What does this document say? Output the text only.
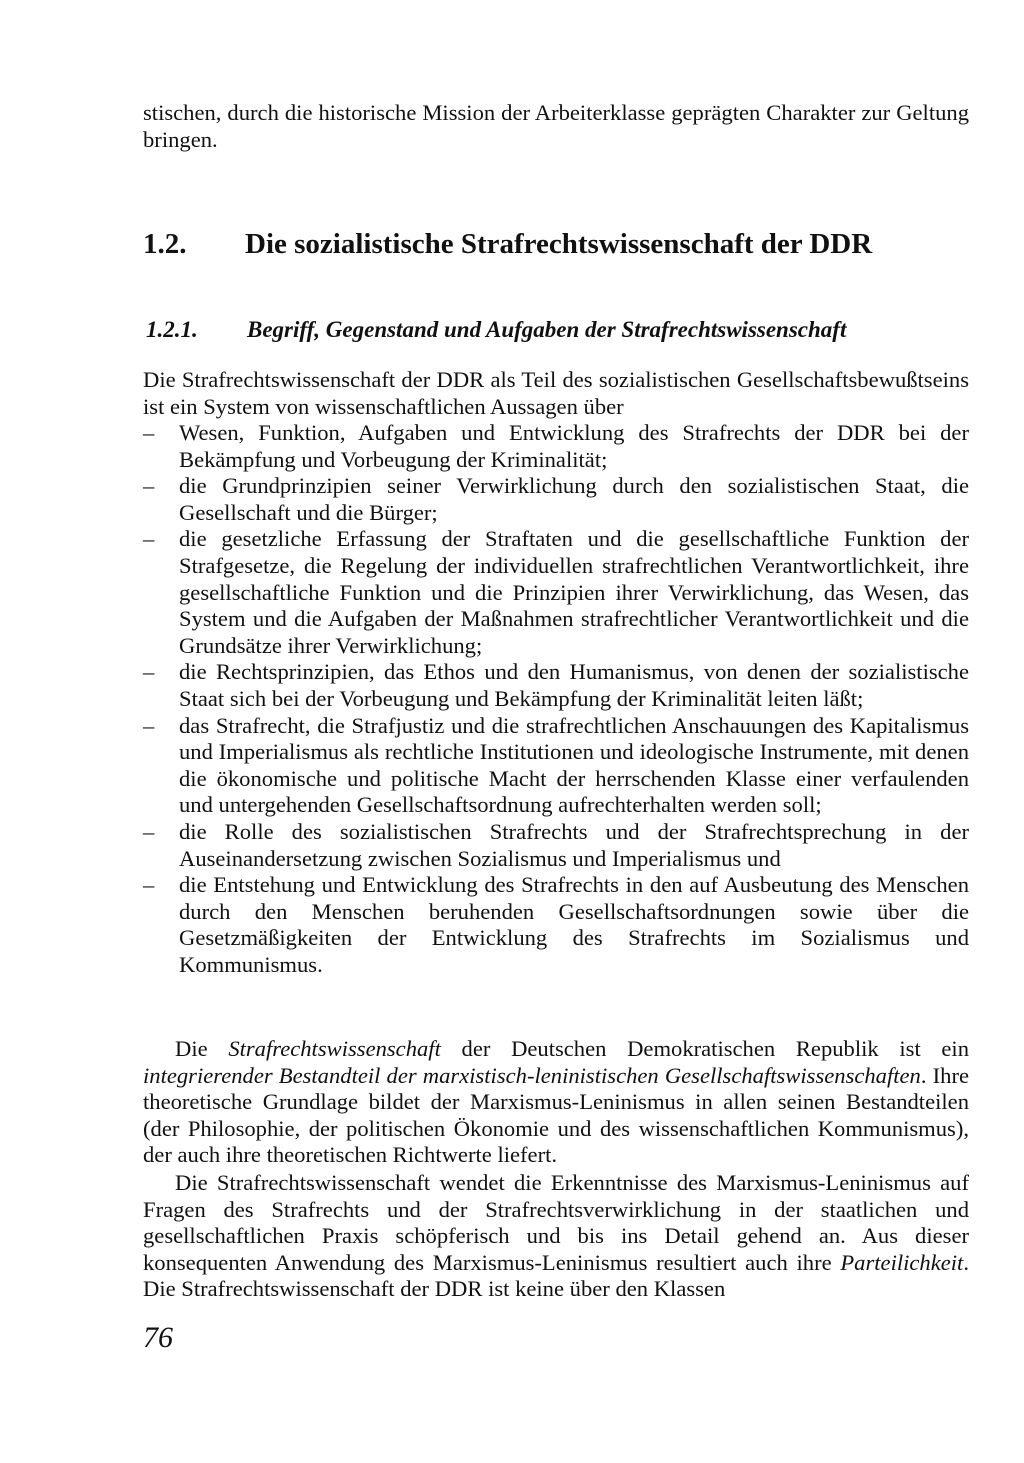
stischen, durch die historische Mission der Arbeiterklasse geprägten Charakter zur Geltung bringen.

1.2. Die sozialistische Strafrechtswissenschaft der DDR
1.2.1. Begriff, Gegenstand und Aufgaben der Strafrechtswissenschaft

Die Strafrechtswissenschaft der DDR als Teil des sozialistischen Gesellschaftsbewußtseins ist ein System von wissenschaftlichen Aussagen über

– Wesen, Funktion, Aufgaben und Entwicklung des Strafrechts der DDR bei der Bekämpfung und Vorbeugung der Kriminalität;
– die Grundprinzipien seiner Verwirklichung durch den sozialistischen Staat, die Gesellschaft und die Bürger;
– die gesetzliche Erfassung der Straftaten und die gesellschaftliche Funktion der Strafgesetze, die Regelung der individuellen strafrechtlichen Verantwortlichkeit, ihre gesellschaftliche Funktion und die Prinzipien ihrer Verwirklichung, das Wesen, das System und die Aufgaben der Maßnahmen strafrechtlicher Verantwortlichkeit und die Grundsätze ihrer Verwirklichung;
– die Rechtsprinzipien, das Ethos und den Humanismus, von denen der sozialistische Staat sich bei der Vorbeugung und Bekämpfung der Kriminalität leiten läßt;
– das Strafrecht, die Strafjustiz und die strafrechtlichen Anschauungen des Kapitalismus und Imperialismus als rechtliche Institutionen und ideologische Instrumente, mit denen die ökonomische und politische Macht der herrschenden Klasse einer verfaulenden und untergehenden Gesellschaftsordnung aufrechterhalten werden soll;
– die Rolle des sozialistischen Strafrechts und der Strafrechtsprechung in der Auseinandersetzung zwischen Sozialismus und Imperialismus und
– die Entstehung und Entwicklung des Strafrechts in den auf Ausbeutung des Menschen durch den Menschen beruhenden Gesellschaftsordnungen sowie über die Gesetzmäßigkeiten der Entwicklung des Strafrechts im Sozialismus und Kommunismus.

Die Strafrechtswissenschaft der Deutschen Demokratischen Republik ist ein integrierender Bestandteil der marxistisch-leninistischen Gesellschaftswissenschaften. Ihre theoretische Grundlage bildet der Marxismus-Leninismus in allen seinen Bestandteilen (der Philosophie, der politischen Ökonomie und des wissenschaftlichen Kommunismus), der auch ihre theoretischen Richtwerte liefert.

Die Strafrechtswissenschaft wendet die Erkenntnisse des Marxismus-Leninismus auf Fragen des Strafrechts und der Strafrechtsverwirklichung in der staatlichen und gesellschaftlichen Praxis schöpferisch und bis ins Detail gehend an. Aus dieser konsequenten Anwendung des Marxismus-Leninismus resultiert auch ihre Parteilichkeit. Die Strafrechtswissenschaft der DDR ist keine über den Klassen

76
